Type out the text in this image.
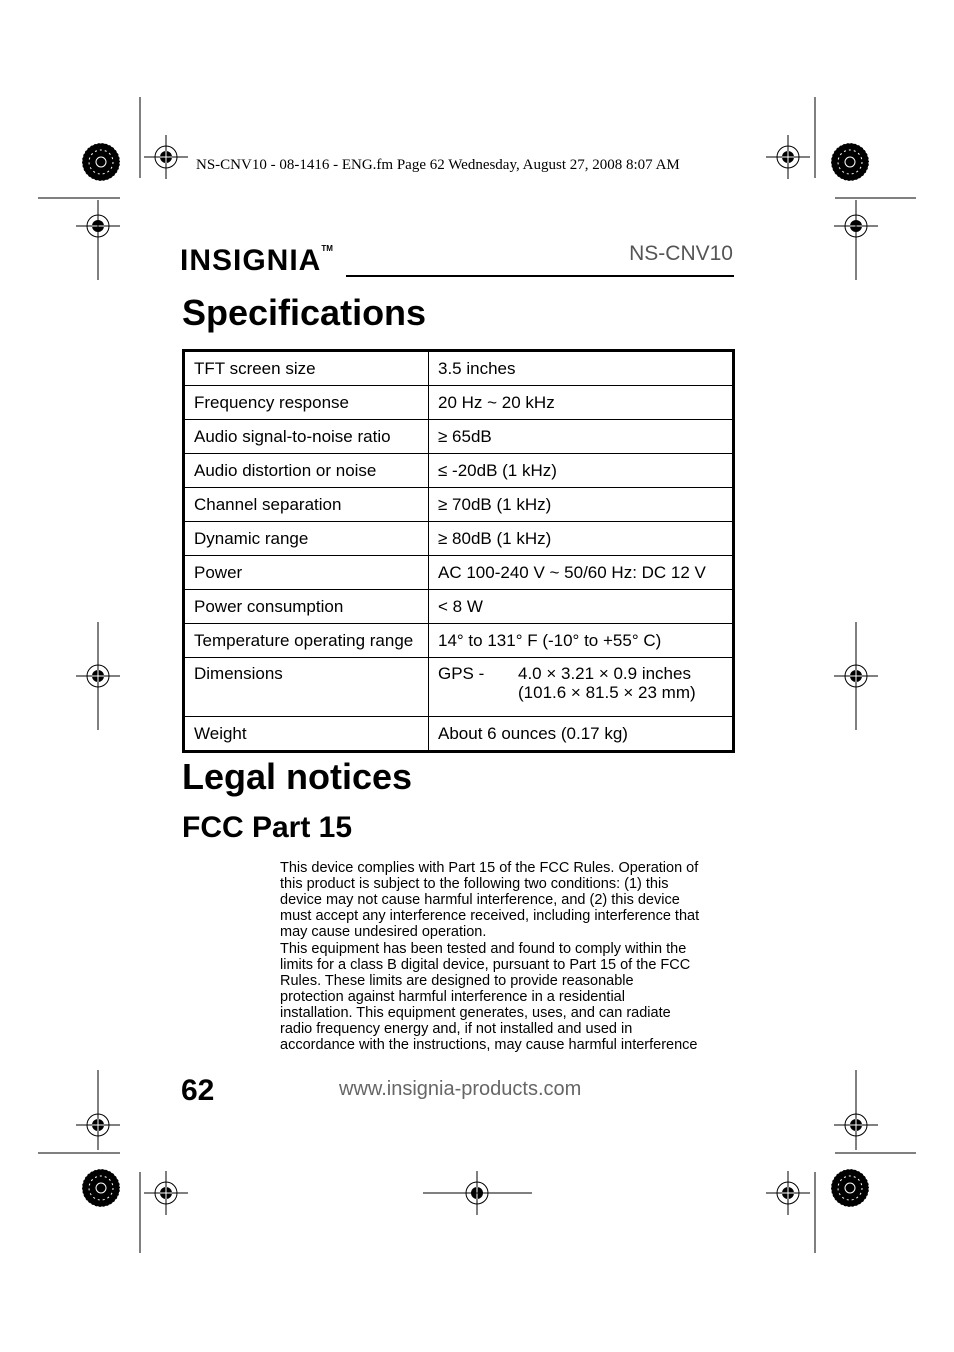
NS-CNV10 - 08-1416 - ENG.fm Page 62 Wednesday, August 27, 2008 8:07 AM
INSIGNIA™	NS-CNV10
Specifications
TFT screen size	3.5 inches
Frequency response	20 Hz ~ 20 kHz
Audio signal-to-noise ratio	≥ 65dB
Audio distortion or noise	≤ -20dB (1 kHz)
Channel separation	≥ 70dB (1 kHz)
Dynamic range	≥ 80dB (1 kHz)
Power	AC 100-240 V ~ 50/60 Hz: DC 12 V
Power consumption	< 8 W
Temperature operating range	14° to 131° F (-10° to +55° C)
Dimensions	GPS - 4.0 × 3.21 × 0.9 inches
(101.6 × 81.5 × 23 mm)

Weight	About 6 ounces (0.17 kg)
Legal notices
FCC Part 15
This device complies with Part 15 of the FCC Rules. Operation of
this product is subject to the following two conditions: (1) this
device may not cause harmful interference, and (2) this device
must accept any interference received, including interference that
may cause undesired operation.
This equipment has been tested and found to comply within the
limits for a class B digital device, pursuant to Part 15 of the FCC
Rules. These limits are designed to provide reasonable
protection against harmful interference in a residential
installation. This equipment generates, uses, and can radiate
radio frequency energy and, if not installed and used in
accordance with the instructions, may cause harmful interference
62	www.insignia-products.com
